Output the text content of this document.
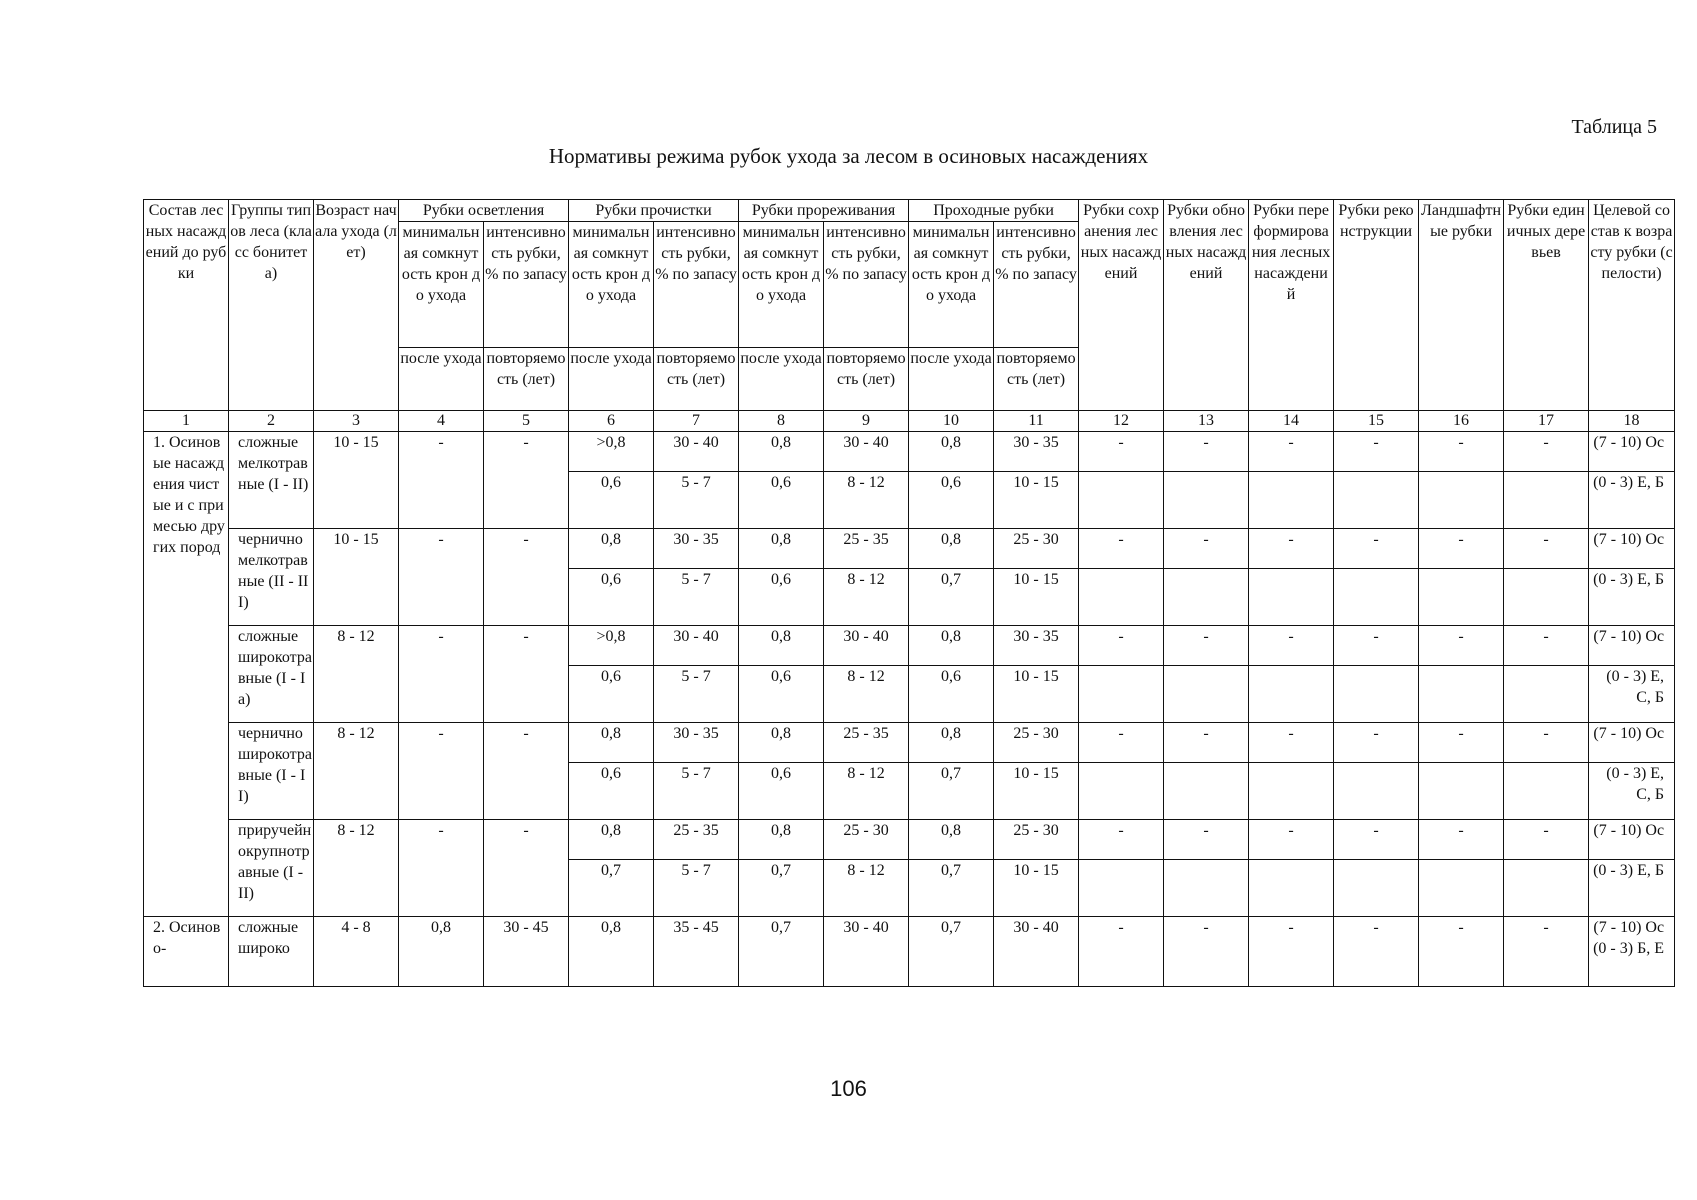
Таблица 5
Нормативы режима рубок ухода за лесом в осиновых насаждениях
Состав лесных насаждений до рубки	Группы типов леса (класс бонитета)	Возраст начала ухода (лет)	Рубки осветления		Рубки прочистки		Рубки прореживания		Проходные рубки		Рубки сохранения лесных насаждений	Рубки обновления лесных насаждений	Рубки переформирования лесных насаждений	Рубки реконструкции	Ландшафтные рубки	Рубки единичных деревьев	Целевой состав к возрасту рубки (спелости)
			минимальная сомкнутость крон до ухода	интенсивность рубки, % по запасу	минимальная сомкнутость крон до ухода	интенсивность рубки, % по запасу	минимальная сомкнутость крон до ухода	интенсивность рубки, % по запасу	минимальная сомкнутость крон до ухода	интенсивность рубки, % по запасу							
			после ухода	повторяемость (лет)	после ухода	повторяемость (лет)	после ухода	повторяемость (лет)	после ухода	повторяемость (лет)							
1	2	3	4	5	6	7	8	9	10	11	12	13	14	15	16	17	18
1. Осиновые насаждения чистые и с примесью других пород	сложные мелкотравные (I - II)	10 - 15	-	-	>0,8	30 - 40	0,8	30 - 40	0,8	30 - 35	-	-	-	-	-	-	(7 - 10) Ос
					0,6	5 - 7	0,6	8 - 12	0,6	10 - 15							(0 - 3) Е, Б
	черничномелкотравные (II - III)	10 - 15	-	-	0,8	30 - 35	0,8	25 - 35	0,8	25 - 30	-	-	-	-	-	-	(7 - 10) Ос
					0,6	5 - 7	0,6	8 - 12	0,7	10 - 15							(0 - 3) Е, Б
	сложные широкотравные (I - Iа)	8 - 12	-	-	>0,8	30 - 40	0,8	30 - 40	0,8	30 - 35	-	-	-	-	-	-	(7 - 10) Ос
					0,6	5 - 7	0,6	8 - 12	0,6	10 - 15							(0 - 3) Е, С, Б
	черничноширокотравные (I - II)	8 - 12	-	-	0,8	30 - 35	0,8	25 - 35	0,8	25 - 30	-	-	-	-	-	-	(7 - 10) Ос
					0,6	5 - 7	0,6	8 - 12	0,7	10 - 15							(0 - 3) Е, С, Б
	приручейнокрупнотравные (I - II)	8 - 12	-	-	0,8	25 - 35	0,8	25 - 30	0,8	25 - 30	-	-	-	-	-	-	(7 - 10) Ос
					0,7	5 - 7	0,7	8 - 12	0,7	10 - 15							(0 - 3) Е, Б
2. Осиново-	сложные широко	4 - 8	0,8	30 - 45	0,8	35 - 45	0,7	30 - 40	0,7	30 - 40	-	-	-	-	-	-	(7 - 10) Ос (0 - 3) Б, Е
106
